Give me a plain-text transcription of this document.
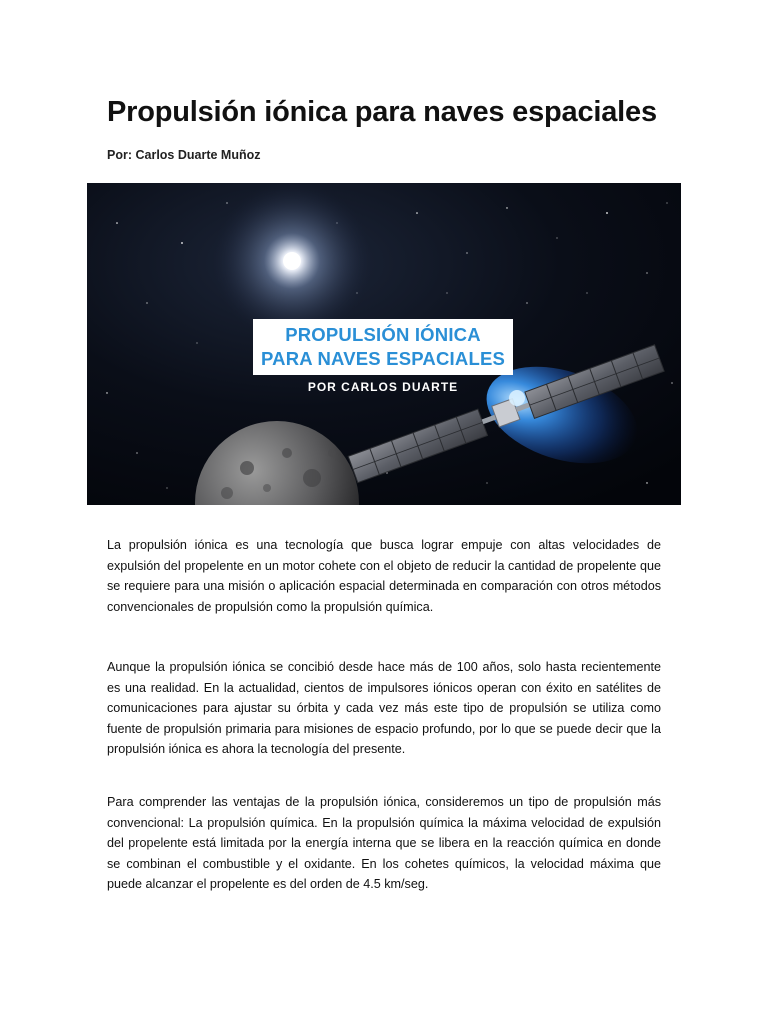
Propulsión iónica para naves espaciales

Por: Carlos Duarte Muñoz

PROPULSIÓN IÓNICA
PARA NAVES ESPACIALES
POR CARLOS DUARTE

La propulsión iónica es una tecnología que busca lograr empuje con altas velocidades de expulsión del propelente en un motor cohete con el objeto de reducir la cantidad de propelente que se requiere para una misión o aplicación espacial determinada en comparación con otros métodos convencionales de propulsión como la propulsión química.

Aunque la propulsión iónica se concibió desde hace más de 100 años, solo hasta recientemente es una realidad. En la actualidad, cientos de impulsores iónicos operan con éxito en satélites de comunicaciones para ajustar su órbita y cada vez más este tipo de propulsión se utiliza como fuente de propulsión primaria para misiones de espacio profundo, por lo que se puede decir que la propulsión iónica es ahora la tecnología del presente.

Para comprender las ventajas de la propulsión iónica, consideremos un tipo de propulsión más convencional: La propulsión química. En la propulsión química la máxima velocidad de expulsión del propelente está limitada por la energía interna que se libera en la reacción química en donde se combinan el combustible y el oxidante. En los cohetes químicos, la velocidad máxima que puede alcanzar el propelente es del orden de 4.5 km/seg.
